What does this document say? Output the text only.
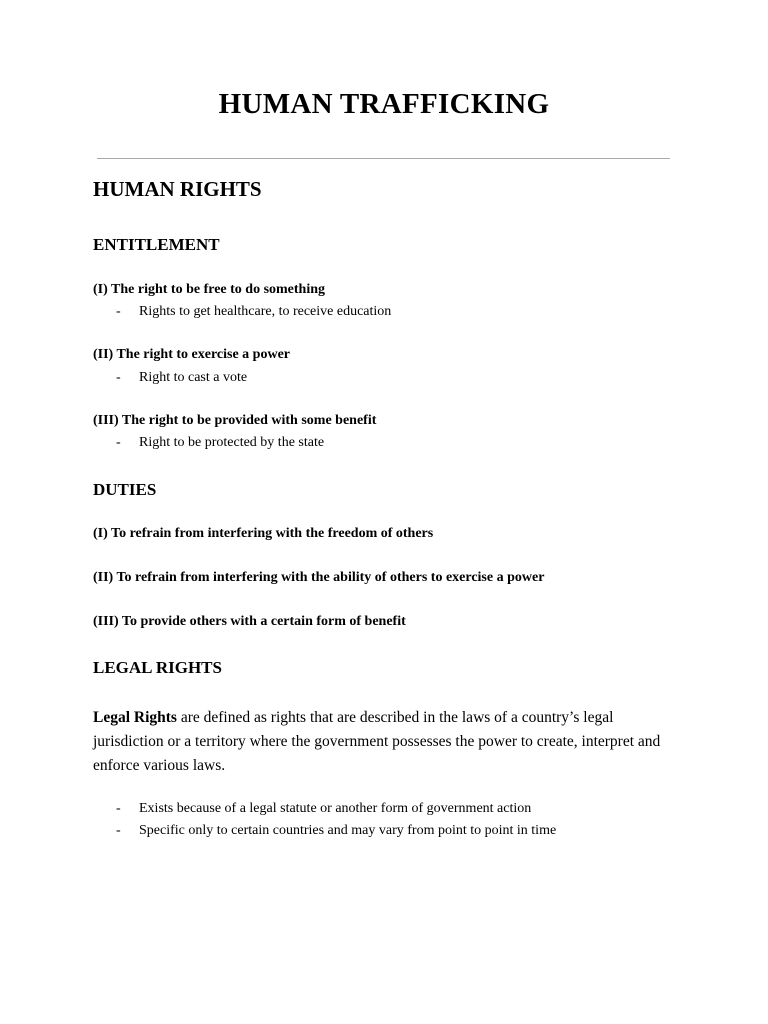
HUMAN TRAFFICKING
HUMAN RIGHTS
ENTITLEMENT
(I) The right to be free to do something
- Rights to get healthcare, to receive education
(II) The right to exercise a power
- Right to cast a vote
(III) The right to be provided with some benefit
- Right to be protected by the state
DUTIES
(I) To refrain from interfering with the freedom of others
(II) To refrain from interfering with the ability of others to exercise a power
(III) To provide others with a certain form of benefit
LEGAL RIGHTS

Legal Rights are defined as rights that are described in the laws of a country’s legal jurisdiction or a territory where the government possesses the power to create, interpret and enforce various laws.

- Exists because of a legal statute or another form of government action
- Specific only to certain countries and may vary from point to point in time
